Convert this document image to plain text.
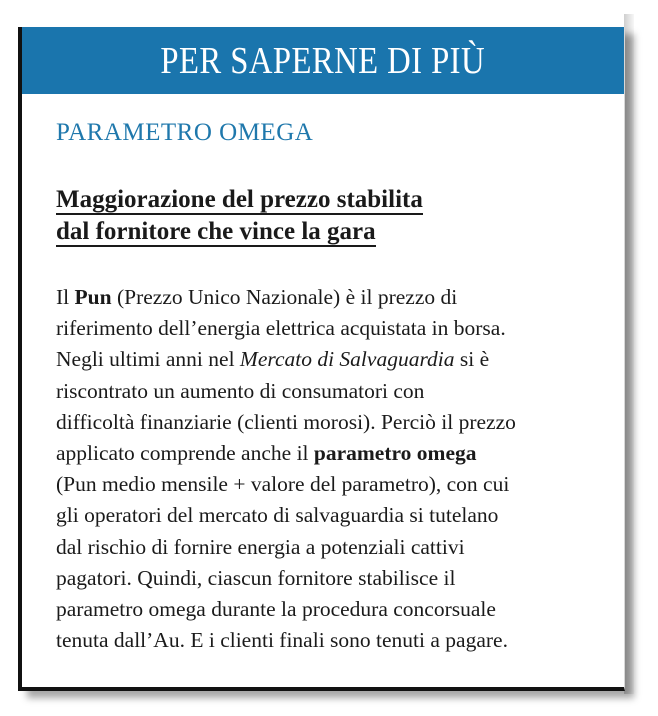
PER SAPERNE DI PIÙ
PARAMETRO OMEGA
Maggiorazione del prezzo stabilita
dal fornitore che vince la gara
Il Pun (Prezzo Unico Nazionale) è il prezzo di
riferimento dell’energia elettrica acquistata in borsa.
Negli ultimi anni nel Mercato di Salvaguardia si è
riscontrato un aumento di consumatori con
difficoltà finanziarie (clienti morosi). Perciò il prezzo
applicato comprende anche il parametro omega
(Pun medio mensile + valore del parametro), con cui
gli operatori del mercato di salvaguardia si tutelano
dal rischio di fornire energia a potenziali cattivi
pagatori. Quindi, ciascun fornitore stabilisce il
parametro omega durante la procedura concorsuale
tenuta dall’Au. E i clienti finali sono tenuti a pagare.
